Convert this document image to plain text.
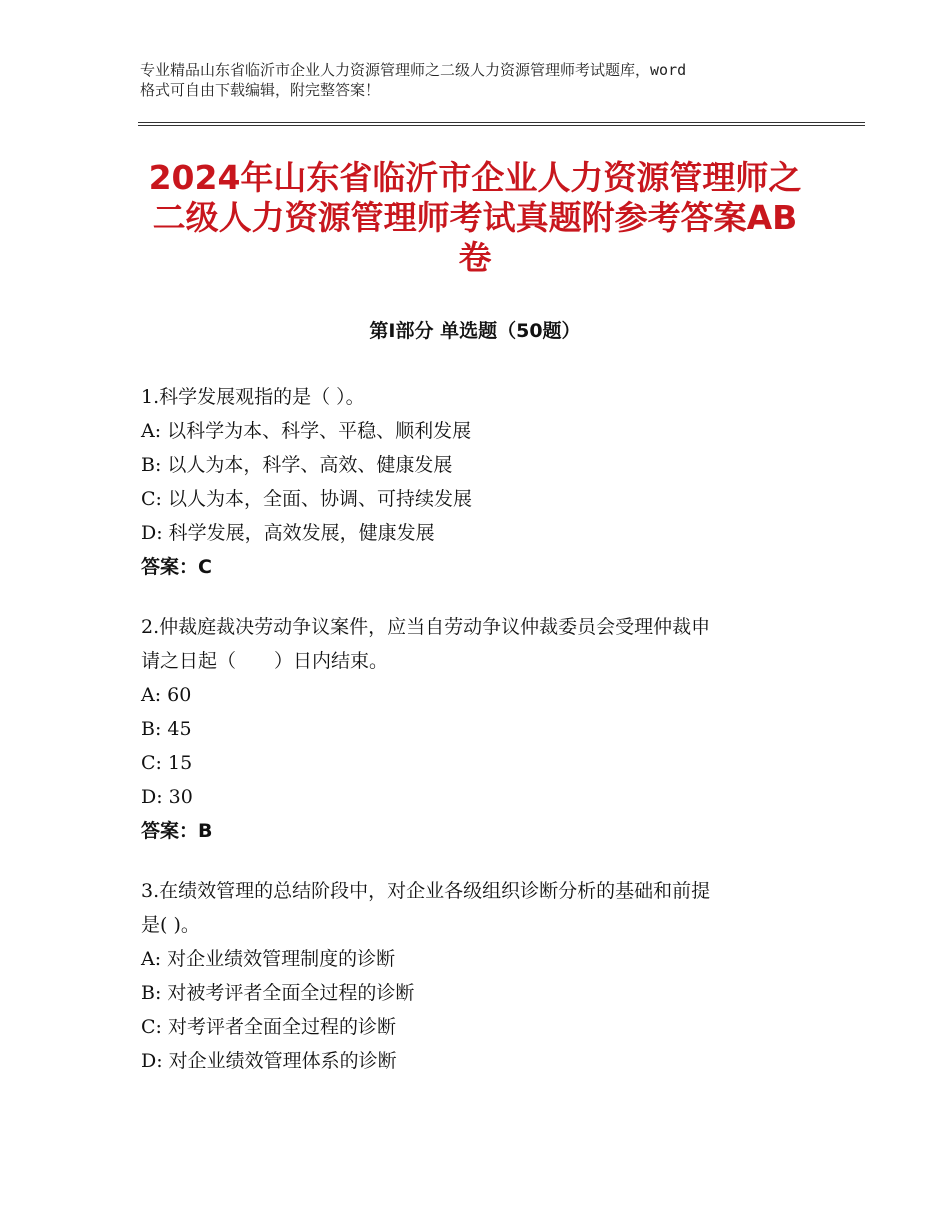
专业精品山东省临沂市企业人力资源管理师之二级人力资源管理师考试题库，word
格式可自由下载编辑，附完整答案！
2024年山东省临沂市企业人力资源管理师之
二级人力资源管理师考试真题附参考答案AB
卷
第Ⅰ部分 单选题（50题）
1.科学发展观指的是（ ）。
A: 以科学为本、科学、平稳、顺利发展
B: 以人为本，科学、高效、健康发展
C: 以人为本，全面、协调、可持续发展
D: 科学发展，高效发展，健康发展
答案：C
2.仲裁庭裁决劳动争议案件，应当自劳动争议仲裁委员会受理仲裁申
请之日起（　　）日内结束。
A: 60
B: 45
C: 15
D: 30
答案：B
3.在绩效管理的总结阶段中，对企业各级组织诊断分析的基础和前提
是( )。
A: 对企业绩效管理制度的诊断
B: 对被考评者全面全过程的诊断
C: 对考评者全面全过程的诊断
D: 对企业绩效管理体系的诊断
